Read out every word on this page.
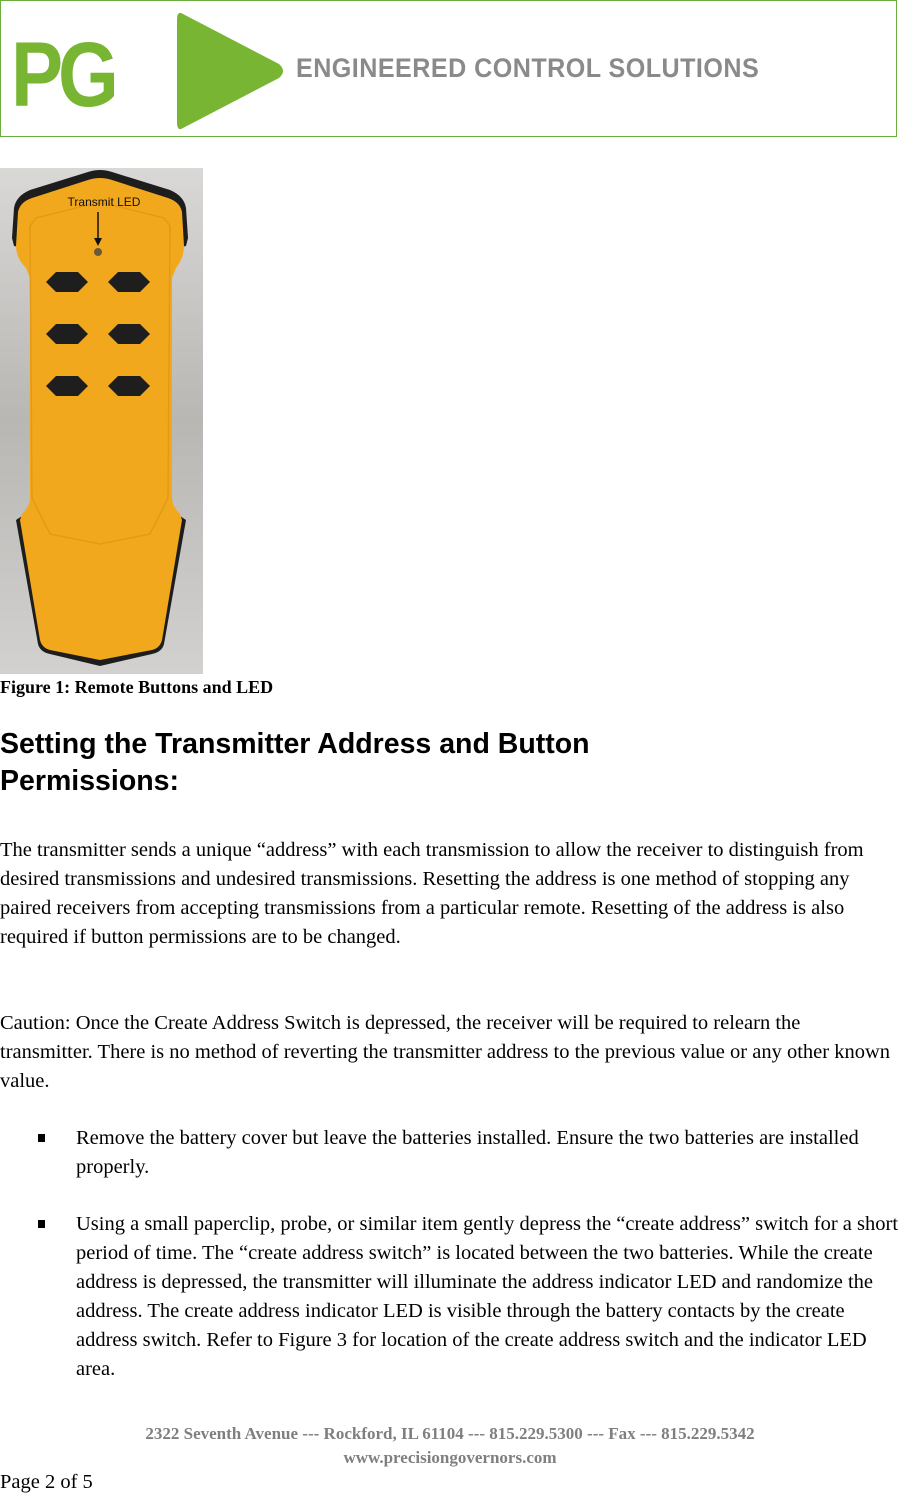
PG	ENGINEERED CONTROL SOLUTIONS
Transmit LED
Figure 1: Remote Buttons and LED
Setting the Transmitter Address and Button Permissions:
The transmitter sends a unique “address” with each transmission to allow the receiver to distinguish from desired transmissions and undesired transmissions. Resetting the address is one method of stopping any paired receivers from accepting transmissions from a particular remote. Resetting of the address is also required if button permissions are to be changed.
Caution: Once the Create Address Switch is depressed, the receiver will be required to relearn the transmitter. There is no method of reverting the transmitter address to the previous value or any other known value.
Remove the battery cover but leave the batteries installed. Ensure the two batteries are installed properly.
Using a small paperclip, probe, or similar item gently depress the “create address” switch for a short period of time. The “create address switch” is located between the two batteries. While the create address is depressed, the transmitter will illuminate the address indicator LED and randomize the address. The create address indicator LED is visible through the battery contacts by the create address switch. Refer to Figure 3 for location of the create address switch and the indicator LED area.
2322 Seventh Avenue --- Rockford, IL 61104 --- 815.229.5300 --- Fax --- 815.229.5342
www.precisiongovernors.com
Page 2 of 5
